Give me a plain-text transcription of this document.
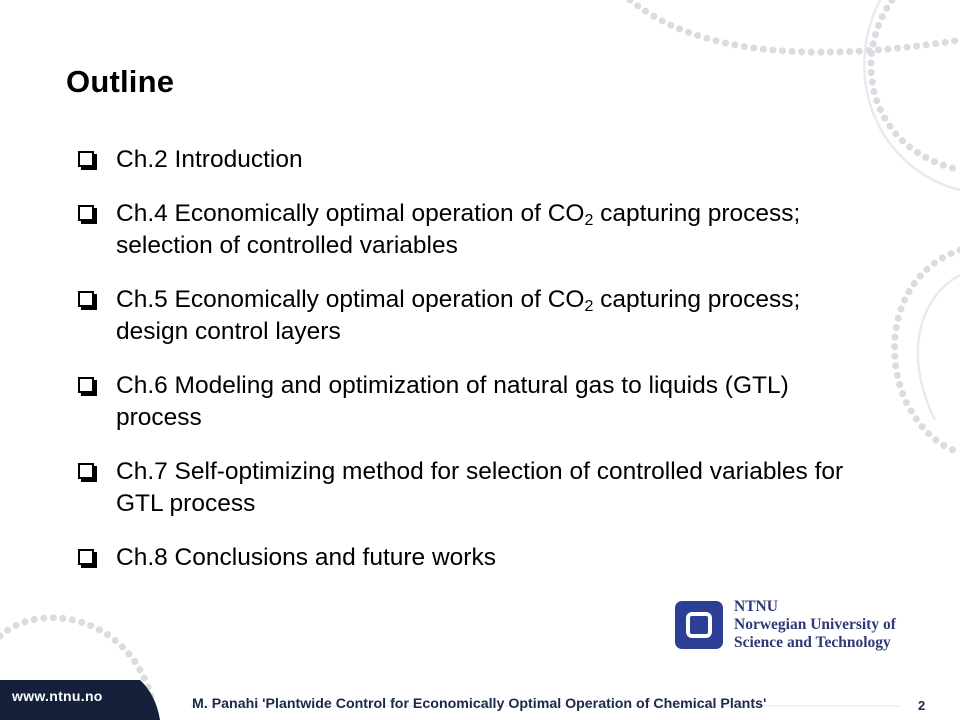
Outline
Ch.2 Introduction
Ch.4 Economically optimal operation of $CO_2$ capturing process; selection of controlled variables
Ch.5 Economically optimal operation of $CO_2$ capturing process; design control layers
Ch.6 Modeling and optimization of natural gas to liquids (GTL) process
Ch.7 Self-optimizing method for selection of controlled variables for GTL process
Ch.8 Conclusions and future works
NTNU
Norwegian University of
Science and Technology
www.ntnu.no	M. Panahi 'Plantwide Control for Economically Optimal Operation of Chemical Plants'	2
